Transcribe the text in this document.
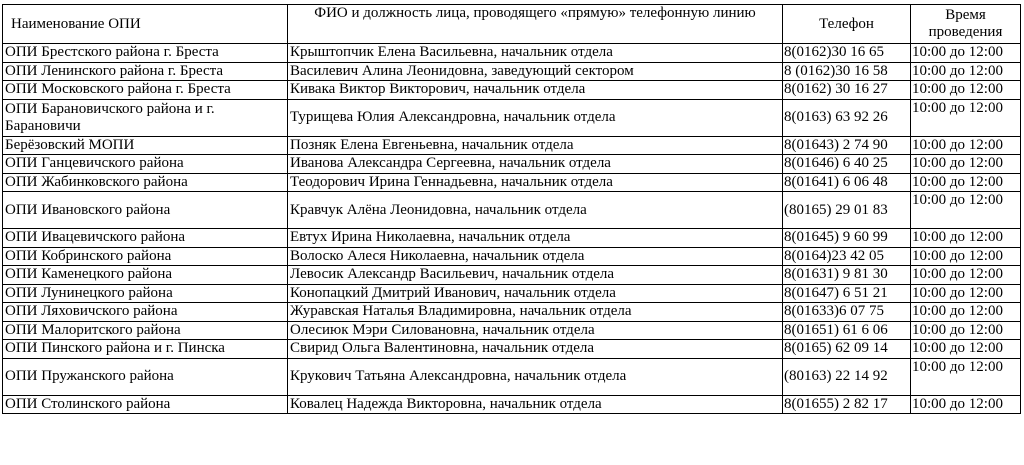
Наименование ОПИ	ФИО и должность лица, проводящего «прямую» телефонную линию	Телефон	Время проведения
ОПИ Брестского района г. Бреста	Крыштопчик Елена Васильевна, начальник отдела	8(0162)30 16 65	10:00 до 12:00
ОПИ Ленинского района г. Бреста	Василевич Алина Леонидовна, заведующий сектором	8 (0162)30 16 58	10:00 до 12:00
ОПИ Московского района г. Бреста	Кивака Виктор Викторович, начальник отдела	8(0162) 30 16 27	10:00 до 12:00
ОПИ Барановичского района и г. Барановичи	Турищева Юлия Александровна, начальник отдела	8(0163) 63 92 26	10:00 до 12:00
Берёзовский МОПИ	Позняк Елена Евгеньевна, начальник отдела	8(01643) 2 74 90	10:00 до 12:00
ОПИ Ганцевичского района	Иванова Александра Сергеевна, начальник отдела	8(01646) 6 40 25	10:00 до 12:00
ОПИ Жабинковского района	Теодорович Ирина Геннадьевна, начальник отдела	8(01641) 6 06 48	10:00 до 12:00
ОПИ Ивановского района	Кравчук Алёна Леонидовна, начальник отдела	(80165) 29 01 83	10:00 до 12:00
ОПИ Ивацевичского района	Евтух Ирина Николаевна, начальник отдела	8(01645) 9 60 99	10:00 до 12:00
ОПИ Кобринского района	Волоско Алеся Николаевна, начальник отдела	8(0164)23 42 05	10:00 до 12:00
ОПИ Каменецкого района	Левосик Александр Васильевич, начальник отдела	8(01631) 9 81 30	10:00 до 12:00
ОПИ Лунинецкого района	Конопацкий Дмитрий Иванович, начальник отдела	8(01647) 6 51 21	10:00 до 12:00
ОПИ Ляховичского района	Журавская Наталья Владимировна, начальник отдела	8(01633)6 07 75	10:00 до 12:00
ОПИ Малоритского района	Олесиюк Мэри Силовановна, начальник отдела	8(01651) 61 6 06	10:00 до 12:00
ОПИ Пинского района и г. Пинска	Свирид Ольга Валентиновна, начальник отдела	8(0165) 62 09 14	10:00 до 12:00
ОПИ Пружанского района	Крукович Татьяна Александровна, начальник отдела	(80163) 22 14 92	10:00 до 12:00
ОПИ Столинского района	Ковалец Надежда Викторовна, начальник отдела	8(01655) 2 82 17	10:00 до 12:00
